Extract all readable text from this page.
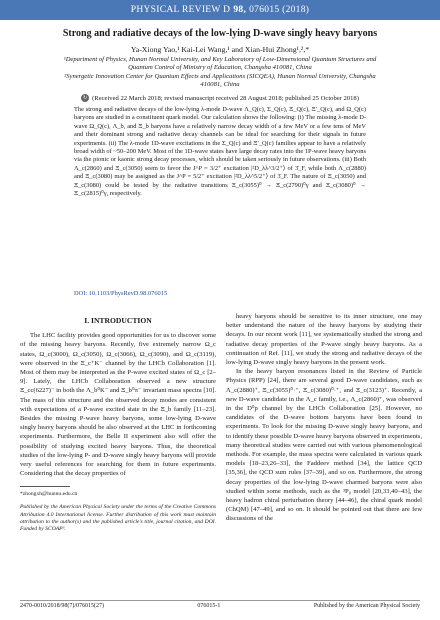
PHYSICAL REVIEW D 98, 076015 (2018)
Strong and radiative decays of the low-lying D-wave singly heavy baryons
Ya-Xiong Yao,¹ Kai-Lei Wang,¹ and Xian-Hui Zhong¹,²,*
¹Department of Physics, Hunan Normal University, and Key Laboratory of Low-Dimensional Quantum Structures and Quantum Control of Ministry of Education, Changsha 410081, China
²Synergetic Innovation Center for Quantum Effects and Applications (SICQEA), Hunan Normal University, Changsha 410081, China
↻ (Received 22 March 2018; revised manuscript received 28 August 2018; published 25 October 2018)
The strong and radiative decays of the low-lying λ-mode D-wave Λ_Q(c), Σ_Q(c), Ξ_Q(c), Ξ′_Q(c), and Ω_Q(c) baryons are studied in a constituent quark model. Our calculation shows the following: (i) The missing λ-mode D-wave Ω_Q(c), Λ_b, and Ξ_b baryons have a relatively narrow decay width of a few MeV or a few tens of MeV and their dominant strong and radiative decay channels can be ideal for searching for their signals in future experiments. (ii) The λ-mode 1D-wave excitations in the Σ_Q(c) and Ξ′_Q(c) families appear to have a relatively broad width of ~50–200 MeV. Most of the 1D-wave states have large decay rates into the 1P-wave heavy baryons via the pionic or kaonic strong decay processes, which should be taken seriously in future observations. (iii) Both Λ_c(2860) and Ξ_c(3050) seem to favor the J^P = 3/2⁺ excitation |²D_λλ^3/2⁺⟩ of 3̄_F, while both Λ_c(2880) and Ξ_c(3080) may be assigned as the J^P = 5/2⁺ excitation |²D_λλ^5/2⁺⟩ of 3̄_F. The nature of Ξ_c(3050) and Ξ_c(3080) could be tested by the radiative transitions Ξ_c(3055)⁰ → Ξ_c(2790)⁰γ and Ξ_c(3080)⁰ → Ξ_c(2815)⁰γ, respectively.
DOI: 10.1103/PhysRevD.98.076015
I. INTRODUCTION

The LHC facility provides good opportunities for us to discover some of the missing heavy baryons. Recently, five extremely narrow Ω_c states, Ω_c(3000), Ω_c(3050), Ω_c(3066), Ω_c(3090), and Ω_c(3119), were observed in the Ξ_c⁺K⁻ channel by the LHCb Collaboration [1]. Most of them may be interpreted as the P-wave excited states of Ω_c [2–9]. Lately, the LHCb Collaboration observed a new structure Ξ_cc(6227)⁻ in both the Λ_b⁰K⁻ and Ξ_b⁰π⁻ invariant mass spectra [10]. The mass of this structure and the observed decay modes are consistent with expectations of a P-wave excited state in the Ξ_b family [11–23]. Besides the missing P-wave heavy baryons, some low-lying D-wave singly heavy baryons should be also observed at the LHC in forthcoming experiments. Furthermore, the Belle II experiment also will offer the possibility of studying excited heavy baryons. Thus, the theoretical studies of the low-lying P- and D-wave singly heavy baryons will provide very useful references for searching for them in future experiments. Considering that the decay properties of

*zhongxh@hunnu.edu.cn

Published by the American Physical Society under the terms of the Creative Commons Attribution 4.0 International license. Further distribution of this work must maintain attribution to the author(s) and the published article's title, journal citation, and DOI. Funded by SCOAP³.

heavy baryons should be sensitive to its inner structure, one may better understand the nature of the heavy baryons by studying their decays. In our recent work [11], we systematically studied the strong and radiative decay properties of the P-wave singly heavy baryons. As a continuation of Ref. [11], we study the strong and radiative decays of the low-lying D-wave singly heavy baryons in the present work.

In the heavy baryon resonances listed in the Review of Particle Physics (RPP) [24], there are several good D-wave candidates, such as Λ_c(2880)⁺, Ξ_c(3055)⁰·⁺, Ξ_c(3080)⁰·⁺, and Ξ_c(3123)⁺. Recently, a new D-wave candidate in the Λ_c family, i.e., Λ_c(2860)⁺, was observed in the D⁰p channel by the LHCb Collaboration [25]. However, no candidates of the D-wave bottom baryons have been found in experiments. To look for the missing D-wave singly heavy baryons, and to identify these possible D-wave heavy baryons observed in experiments, many theoretical studies were carried out with various phenomenological methods. For example, the mass spectra were calculated in various quark models [18–23,26–33], the Faddeev method [34], the lattice QCD [35,36], the QCD sum rules [37–39], and so on. Furthermore, the strong decay properties of the low-lying D-wave charmed baryons were also studied within some methods, such as the ³P₀ model [20,33,40–43], the heavy hadron chiral perturbation theory [44–46], the chiral quark model (ChQM) [47–49], and so on. It should be pointed out that there are few discussions of the

2470-0010/2018/98(7)/076015(27)	076015-1	Published by the American Physical Society
